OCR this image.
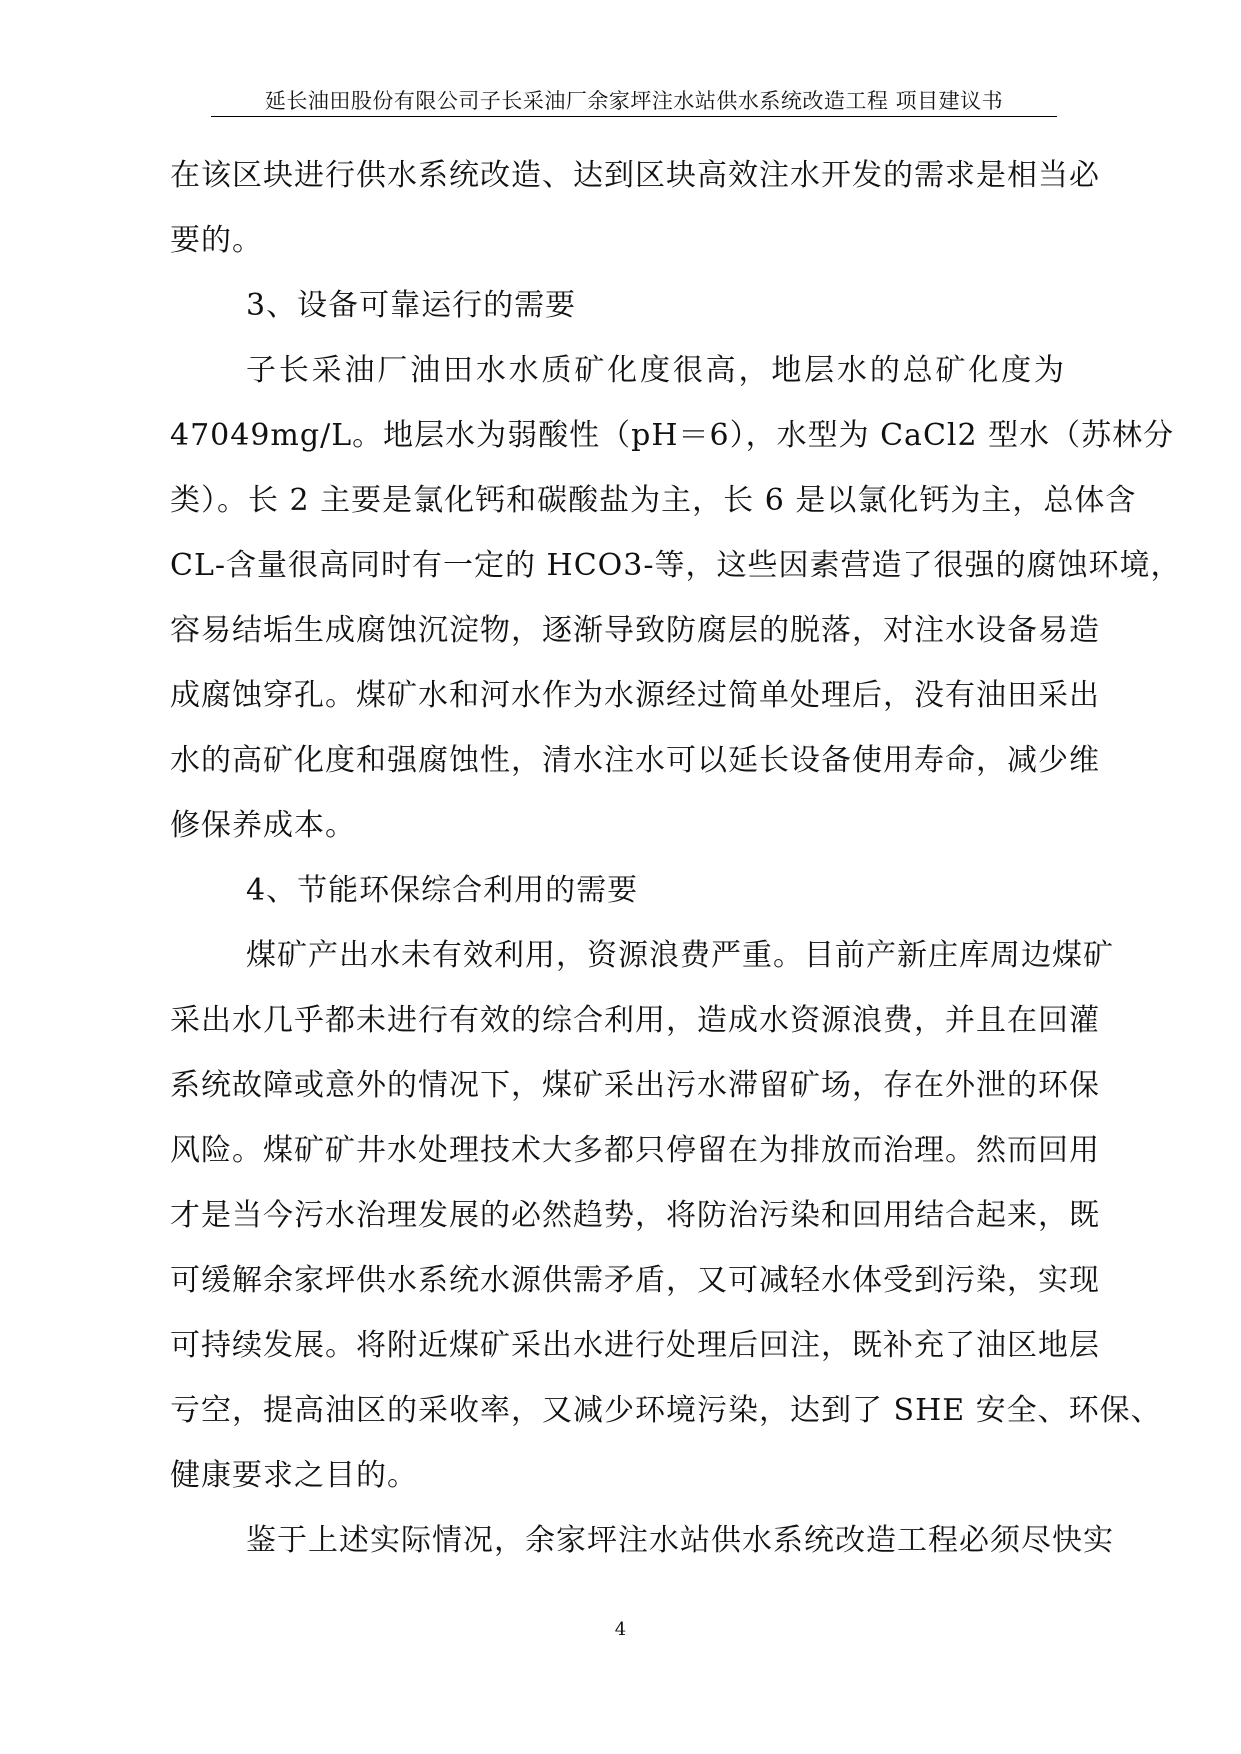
延长油田股份有限公司子长采油厂余家坪注水站供水系统改造工程 项目建议书
在该区块进行供水系统改造、达到区块高效注水开发的需求是相当必
要的。
3、设备可靠运行的需要
子长采油厂油田水水质矿化度很高，地层水的总矿化度为
47049mg/L。地层水为弱酸性（pH＝6），水型为 CaCl2 型水（苏林分
类）。长 2 主要是氯化钙和碳酸盐为主，长 6 是以氯化钙为主，总体含
CL-含量很高同时有一定的 HCO3-等，这些因素营造了很强的腐蚀环境，
容易结垢生成腐蚀沉淀物，逐渐导致防腐层的脱落，对注水设备易造
成腐蚀穿孔。煤矿水和河水作为水源经过简单处理后，没有油田采出
水的高矿化度和强腐蚀性，清水注水可以延长设备使用寿命，减少维
修保养成本。
4、节能环保综合利用的需要
煤矿产出水未有效利用，资源浪费严重。目前产新庄库周边煤矿
采出水几乎都未进行有效的综合利用，造成水资源浪费，并且在回灌
系统故障或意外的情况下，煤矿采出污水滞留矿场，存在外泄的环保
风险。煤矿矿井水处理技术大多都只停留在为排放而治理。然而回用
才是当今污水治理发展的必然趋势，将防治污染和回用结合起来，既
可缓解余家坪供水系统水源供需矛盾，又可减轻水体受到污染，实现
可持续发展。将附近煤矿采出水进行处理后回注，既补充了油区地层
亏空，提高油区的采收率，又减少环境污染，达到了 SHE 安全、环保、
健康要求之目的。
鉴于上述实际情况，余家坪注水站供水系统改造工程必须尽快实
4
